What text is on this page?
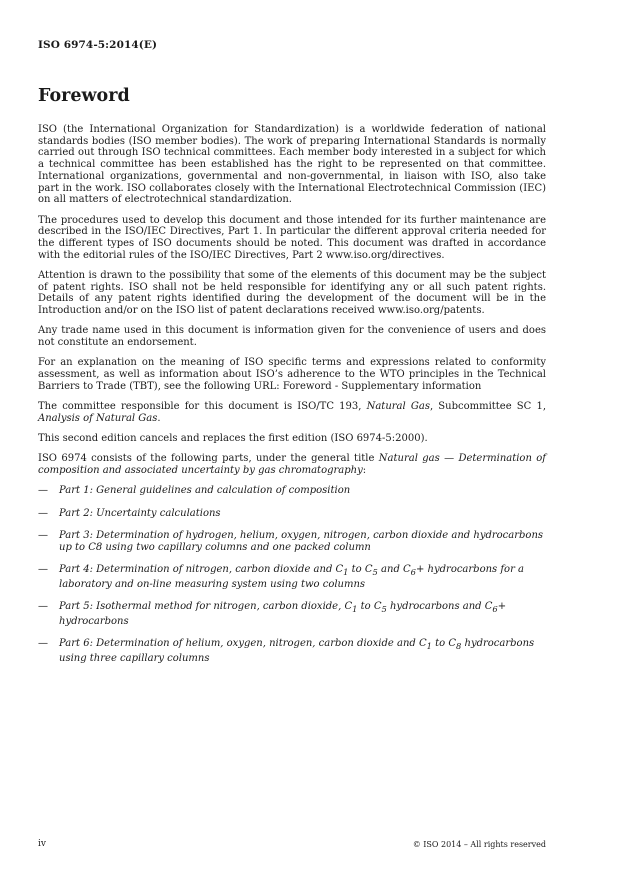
ISO 6974-5:2014(E)
Foreword

ISO (the International Organization for Standardization) is a worldwide federation of national standards bodies (ISO member bodies). The work of preparing International Standards is normally carried out through ISO technical committees. Each member body interested in a subject for which a technical committee has been established has the right to be represented on that committee. International organizations, governmental and non-governmental, in liaison with ISO, also take part in the work. ISO collaborates closely with the International Electrotechnical Commission (IEC) on all matters of electrotechnical standardization.

The procedures used to develop this document and those intended for its further maintenance are described in the ISO/IEC Directives, Part 1. In particular the different approval criteria needed for the different types of ISO documents should be noted. This document was drafted in accordance with the editorial rules of the ISO/IEC Directives, Part 2 www.iso.org/directives.

Attention is drawn to the possibility that some of the elements of this document may be the subject of patent rights. ISO shall not be held responsible for identifying any or all such patent rights. Details of any patent rights identified during the development of the document will be in the Introduction and/or on the ISO list of patent declarations received www.iso.org/patents.

Any trade name used in this document is information given for the convenience of users and does not constitute an endorsement.

For an explanation on the meaning of ISO specific terms and expressions related to conformity assessment, as well as information about ISO’s adherence to the WTO principles in the Technical Barriers to Trade (TBT), see the following URL: Foreword - Supplementary information

The committee responsible for this document is ISO/TC 193, Natural Gas, Subcommittee SC 1, Analysis of Natural Gas.

This second edition cancels and replaces the first edition (ISO 6974-5:2000).

ISO 6974 consists of the following parts, under the general title Natural gas — Determination of composition and associated uncertainty by gas chromatography:

— Part 1: General guidelines and calculation of composition
— Part 2: Uncertainty calculations
— Part 3: Determination of hydrogen, helium, oxygen, nitrogen, carbon dioxide and hydrocarbons up to C8 using two capillary columns and one packed column
— Part 4: Determination of nitrogen, carbon dioxide and $C_1$ to $C_5$ and $C_6+$ hydrocarbons for a laboratory and on-line measuring system using two columns
— Part 5: Isothermal method for nitrogen, carbon dioxide, $C_1$ to $C_5$ hydrocarbons and $C_6+$ hydrocarbons
— Part 6: Determination of helium, oxygen, nitrogen, carbon dioxide and $C_1$ to $C_8$ hydrocarbons using three capillary columns
iv	© ISO 2014 – All rights reserved
